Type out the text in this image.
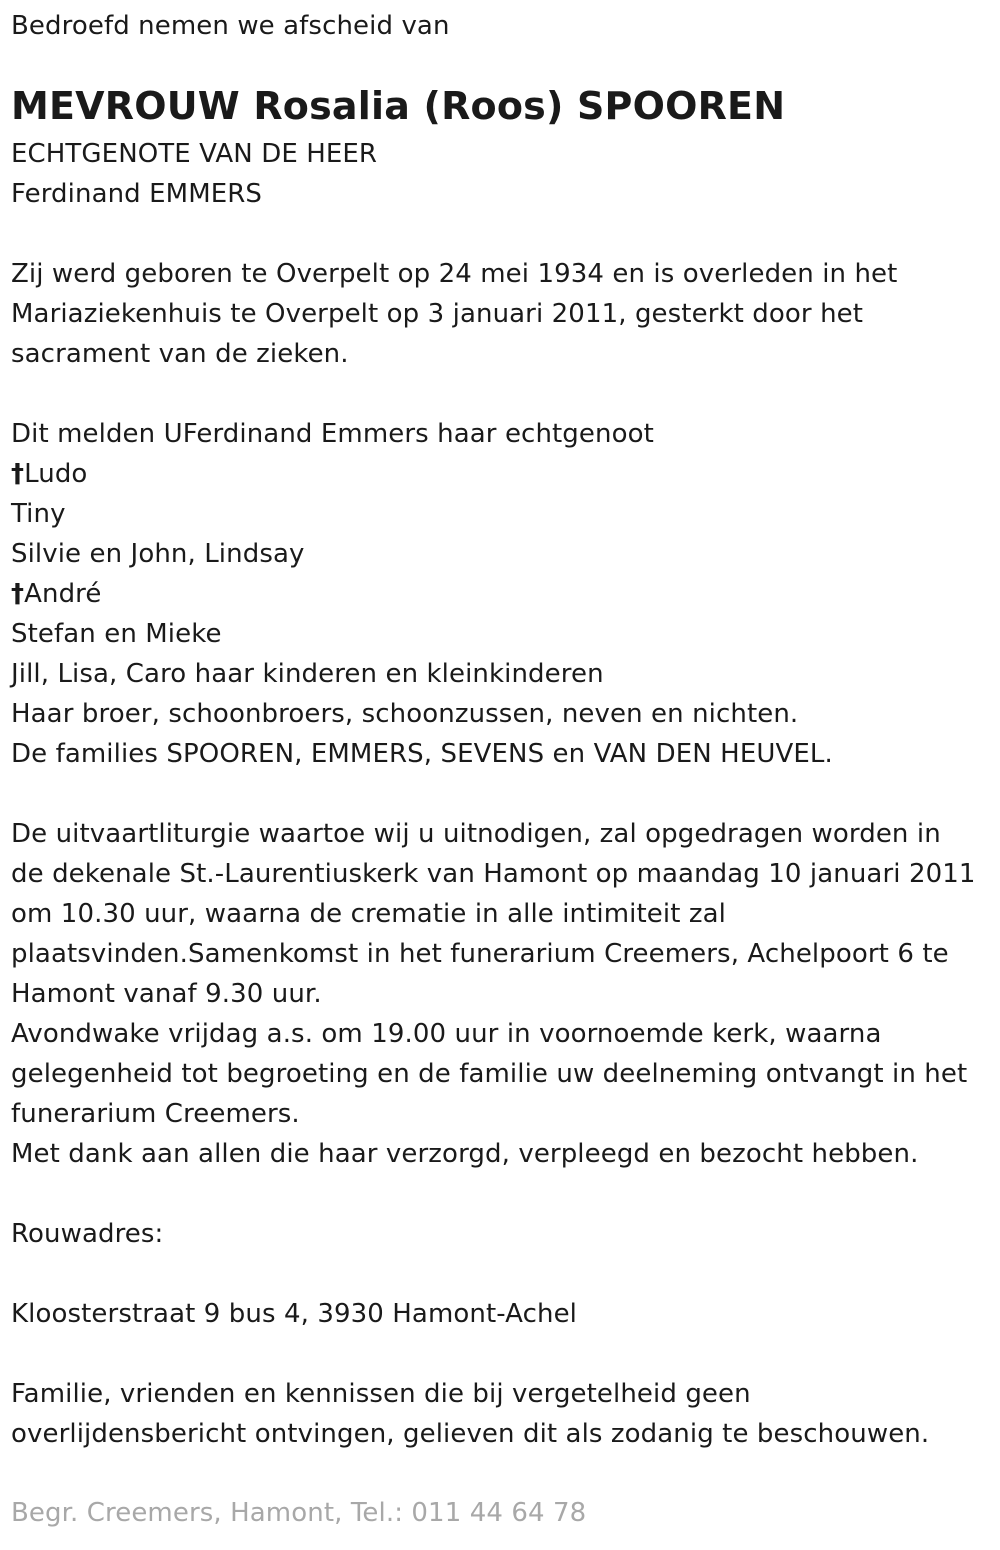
Bedroefd nemen we afscheid van
MEVROUW Rosalia (Roos) SPOOREN
ECHTGENOTE VAN DE HEER
Ferdinand EMMERS
Zij werd geboren te Overpelt op 24 mei 1934 en is overleden in het
Mariaziekenhuis te Overpelt op 3 januari 2011, gesterkt door het
sacrament van de zieken.
Dit melden UFerdinand Emmers haar echtgenoot
†Ludo
Tiny
Silvie en John, Lindsay
†André
Stefan en Mieke
Jill, Lisa, Caro haar kinderen en kleinkinderen
Haar broer, schoonbroers, schoonzussen, neven en nichten.
De families SPOOREN, EMMERS, SEVENS en VAN DEN HEUVEL.
De uitvaartliturgie waartoe wij u uitnodigen, zal opgedragen worden in
de dekenale St.-Laurentiuskerk van Hamont op maandag 10 januari 2011
om 10.30 uur, waarna de crematie in alle intimiteit zal
plaatsvinden.Samenkomst in het funerarium Creemers, Achelpoort 6 te
Hamont vanaf 9.30 uur.
Avondwake vrijdag a.s. om 19.00 uur in voornoemde kerk, waarna
gelegenheid tot begroeting en de familie uw deelneming ontvangt in het
funerarium Creemers.
Met dank aan allen die haar verzorgd, verpleegd en bezocht hebben.
Rouwadres:
Kloosterstraat 9 bus 4, 3930 Hamont-Achel
Familie, vrienden en kennissen die bij vergetelheid geen
overlijdensbericht ontvingen, gelieven dit als zodanig te beschouwen.
Begr. Creemers, Hamont, Tel.: 011 44 64 78
